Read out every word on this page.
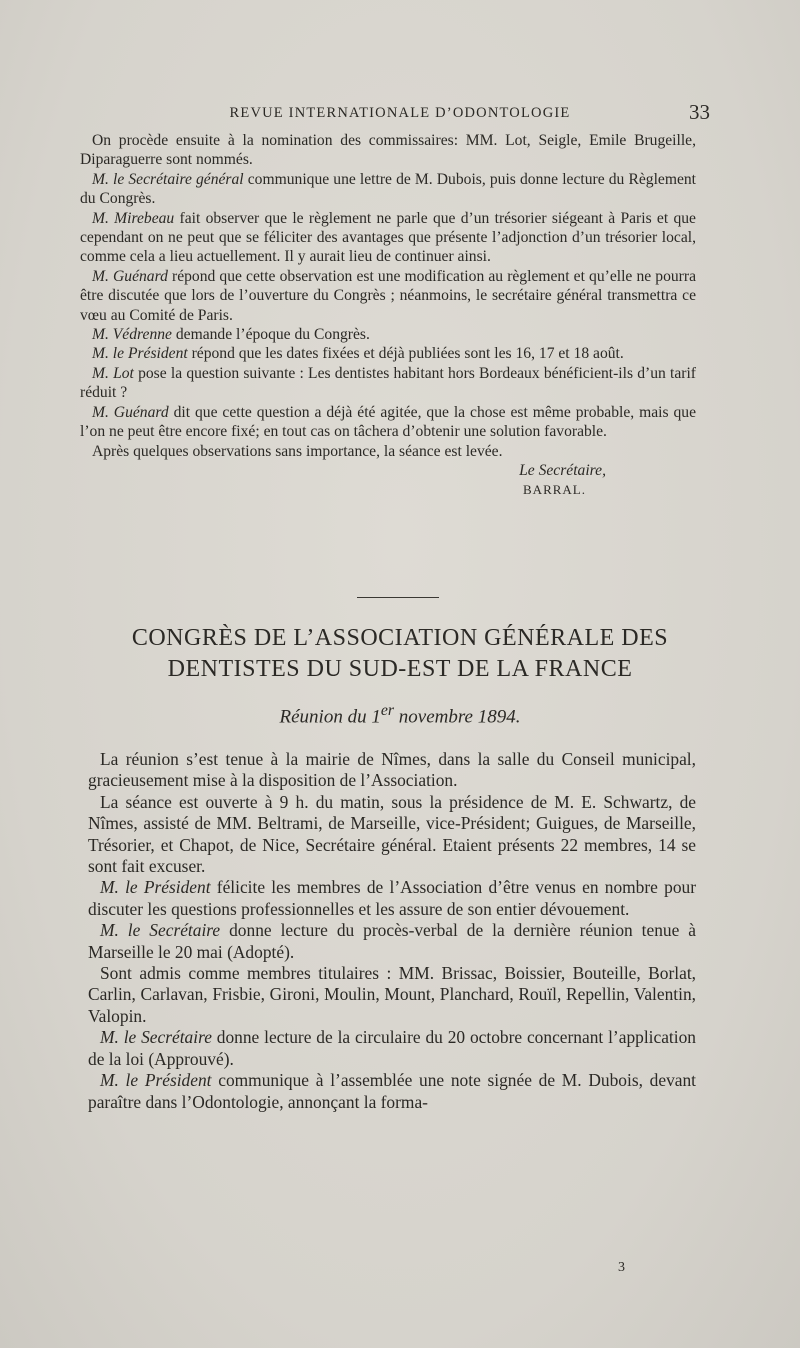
REVUE INTERNATIONALE D’ODONTOLOGIE	33

On procède ensuite à la nomination des commissaires: MM. Lot, Seigle, Emile Brugeille, Diparaguerre sont nommés.

M. le Secrétaire général communique une lettre de M. Dubois, puis donne lecture du Règlement du Congrès.

M. Mirebeau fait observer que le règlement ne parle que d’un trésorier siégeant à Paris et que cependant on ne peut que se féliciter des avantages que présente l’adjonction d’un trésorier local, comme cela a lieu actuellement. Il y aurait lieu de continuer ainsi.

M. Guénard répond que cette observation est une modification au règlement et qu’elle ne pourra être discutée que lors de l’ouverture du Congrès ; néanmoins, le secrétaire général transmettra ce vœu au Comité de Paris.

M. Védrenne demande l’époque du Congrès.

M. le Président répond que les dates fixées et déjà publiées sont les 16, 17 et 18 août.

M. Lot pose la question suivante : Les dentistes habitant hors Bordeaux bénéficient-ils d’un tarif réduit ?

M. Guénard dit que cette question a déjà été agitée, que la chose est même probable, mais que l’on ne peut être encore fixé; en tout cas on tâchera d’obtenir une solution favorable.

Après quelques observations sans importance, la séance est levée.

Le Secrétaire,

BARRAL.

CONGRÈS DE L’ASSOCIATION GÉNÉRALE DES
DENTISTES DU SUD-EST DE LA FRANCE

Réunion du 1er novembre 1894.

La réunion s’est tenue à la mairie de Nîmes, dans la salle du Conseil municipal, gracieusement mise à la disposition de l’Association.

La séance est ouverte à 9 h. du matin, sous la présidence de M. E. Schwartz, de Nîmes, assisté de MM. Beltrami, de Marseille, vice-Président; Guigues, de Marseille, Trésorier, et Chapot, de Nice, Secrétaire général. Etaient présents 22 membres, 14 se sont fait excuser.

M. le Président félicite les membres de l’Association d’être venus en nombre pour discuter les questions professionnelles et les assure de son entier dévouement.

M. le Secrétaire donne lecture du procès-verbal de la dernière réunion tenue à Marseille le 20 mai (Adopté).

Sont admis comme membres titulaires : MM. Brissac, Boissier, Bouteille, Borlat, Carlin, Carlavan, Frisbie, Gironi, Moulin, Mount, Planchard, Rouïl, Repellin, Valentin, Valopin.

M. le Secrétaire donne lecture de la circulaire du 20 octobre concernant l’application de la loi (Approuvé).

M. le Président communique à l’assemblée une note signée de M. Dubois, devant paraître dans l’Odontologie, annonçant la forma-

3
